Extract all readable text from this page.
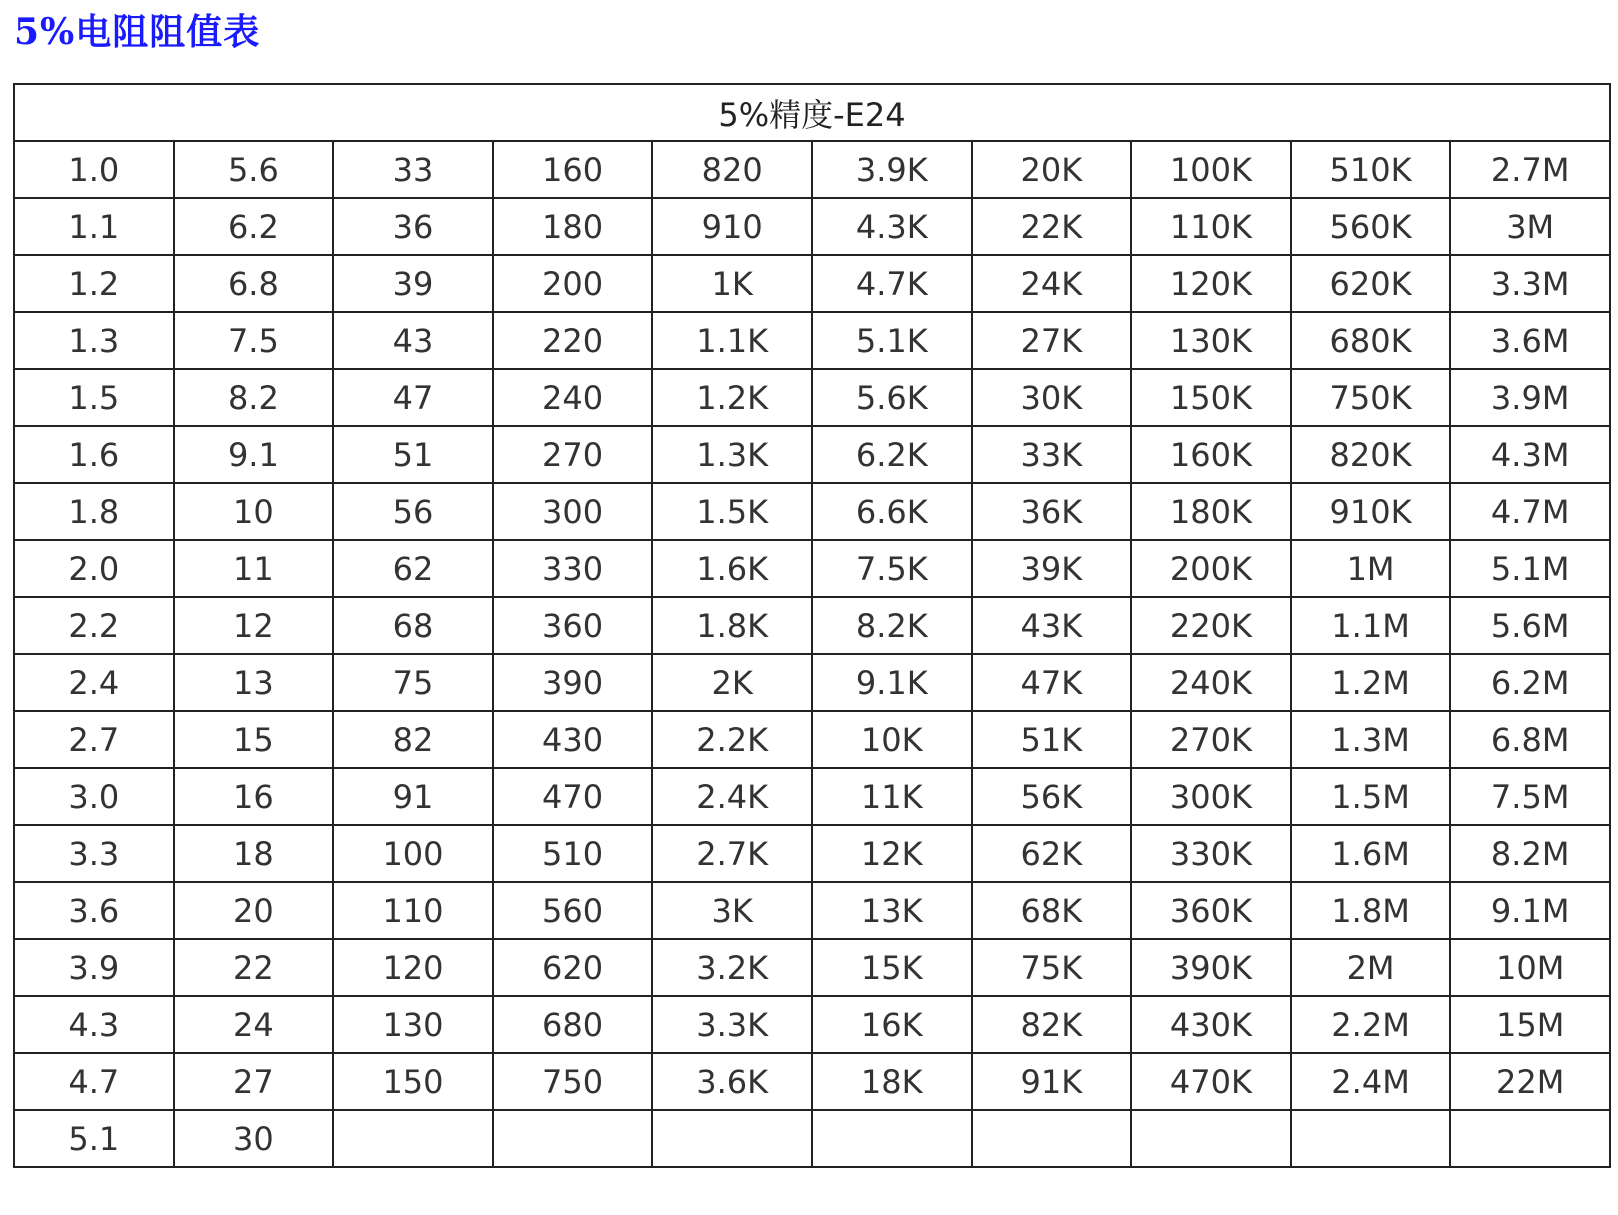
5%电阻阻值表
5%精度-E24									
1.0	5.6	33	160	820	3.9K	20K	100K	510K	2.7M
1.1	6.2	36	180	910	4.3K	22K	110K	560K	3M
1.2	6.8	39	200	1K	4.7K	24K	120K	620K	3.3M
1.3	7.5	43	220	1.1K	5.1K	27K	130K	680K	3.6M
1.5	8.2	47	240	1.2K	5.6K	30K	150K	750K	3.9M
1.6	9.1	51	270	1.3K	6.2K	33K	160K	820K	4.3M
1.8	10	56	300	1.5K	6.6K	36K	180K	910K	4.7M
2.0	11	62	330	1.6K	7.5K	39K	200K	1M	5.1M
2.2	12	68	360	1.8K	8.2K	43K	220K	1.1M	5.6M
2.4	13	75	390	2K	9.1K	47K	240K	1.2M	6.2M
2.7	15	82	430	2.2K	10K	51K	270K	1.3M	6.8M
3.0	16	91	470	2.4K	11K	56K	300K	1.5M	7.5M
3.3	18	100	510	2.7K	12K	62K	330K	1.6M	8.2M
3.6	20	110	560	3K	13K	68K	360K	1.8M	9.1M
3.9	22	120	620	3.2K	15K	75K	390K	2M	10M
4.3	24	130	680	3.3K	16K	82K	430K	2.2M	15M
4.7	27	150	750	3.6K	18K	91K	470K	2.4M	22M
5.1	30								
